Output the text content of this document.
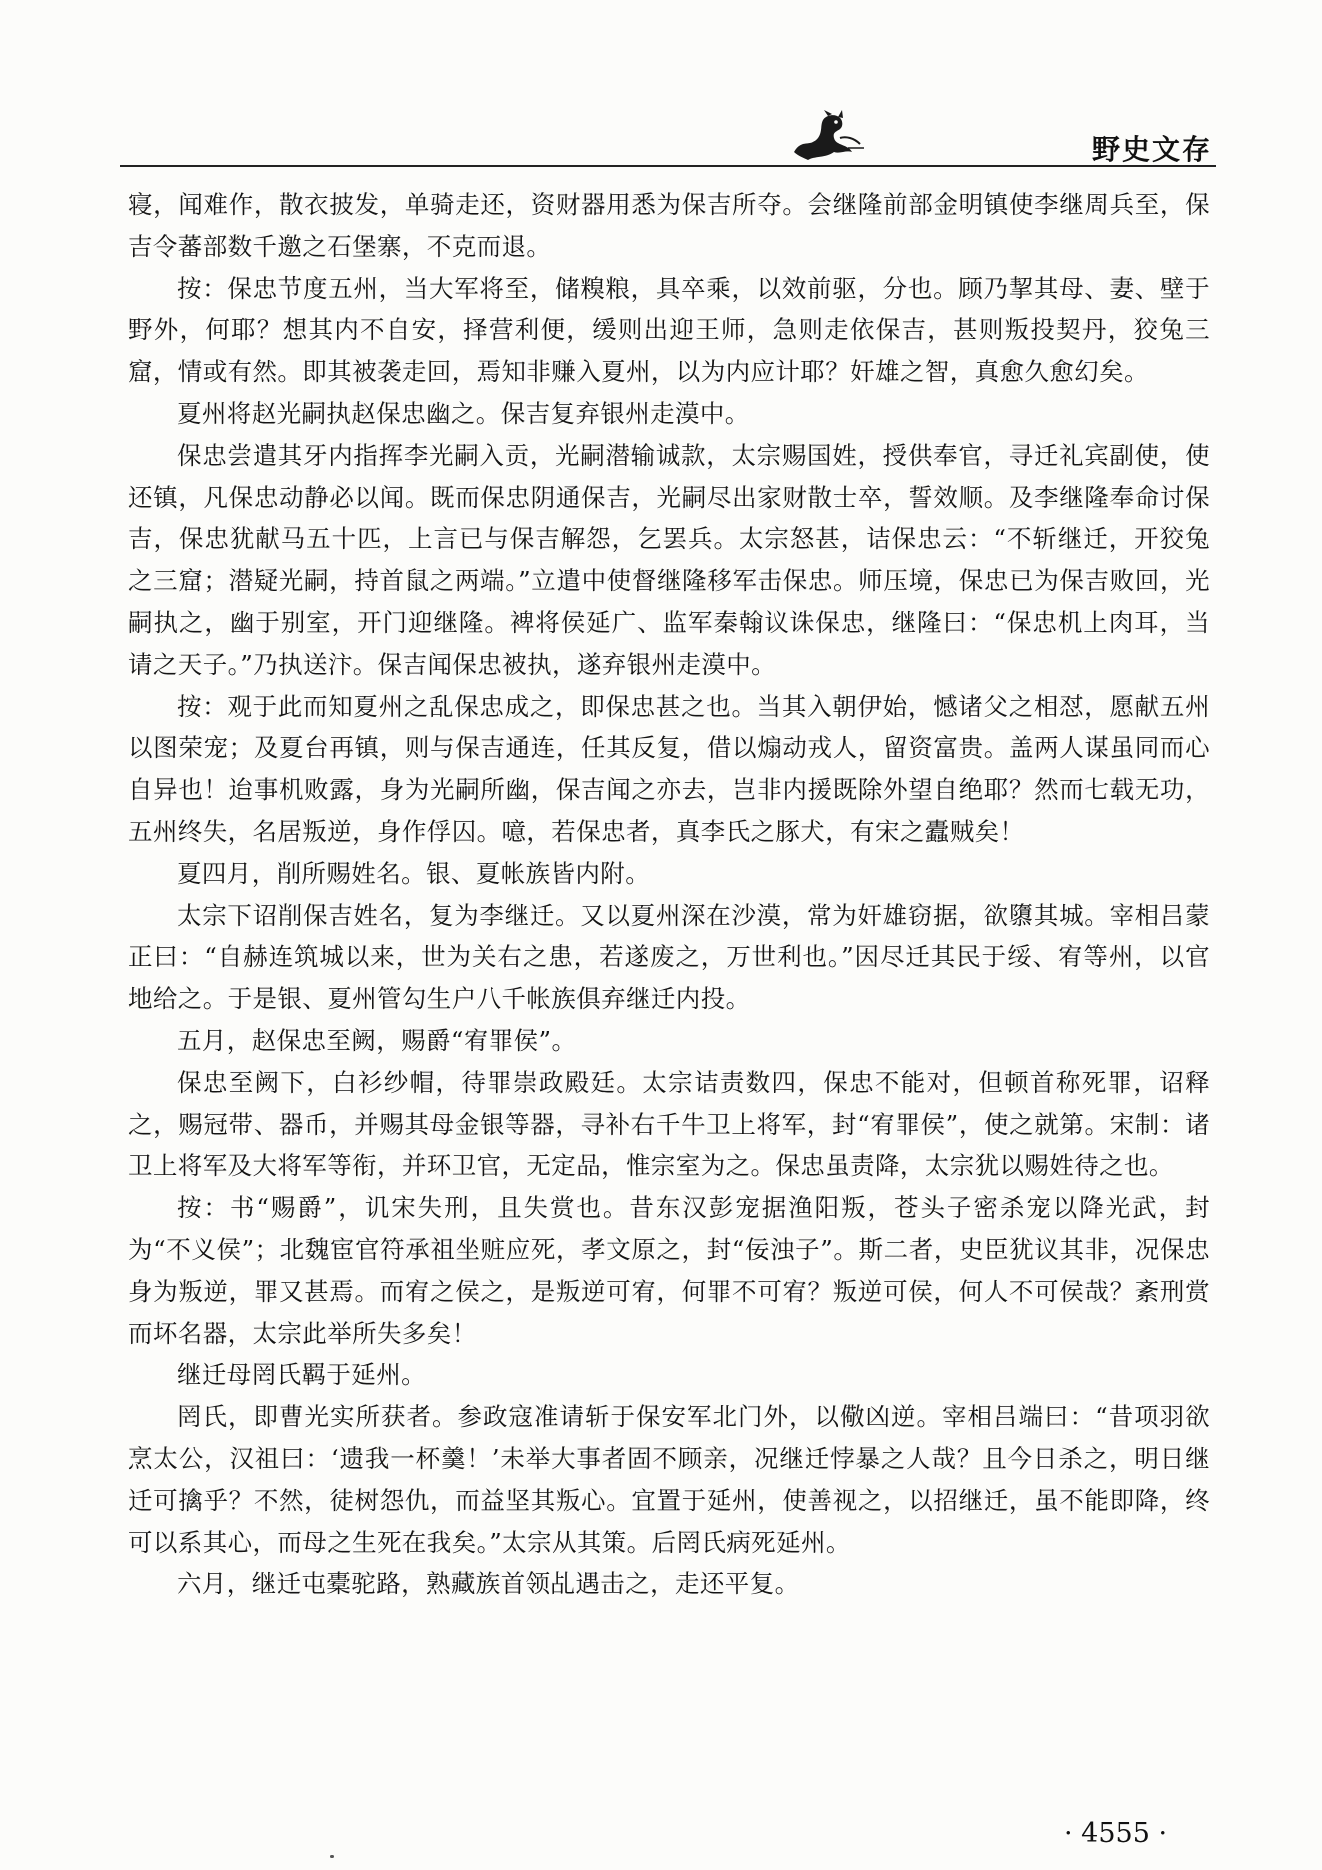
野史文存

寝，闻难作，散衣披发，单骑走还，资财器用悉为保吉所夺。会继隆前部金明镇使李继周兵至，保吉令蕃部数千邀之石堡寨，不克而退。

按：保忠节度五州，当大军将至，储糗粮，具卒乘，以效前驱，分也。顾乃挈其母、妻、壁于野外，何耶？想其内不自安，择营利便，缓则出迎王师，急则走依保吉，甚则叛投契丹，狡兔三窟，情或有然。即其被袭走回，焉知非赚入夏州，以为内应计耶？奸雄之智，真愈久愈幻矣。

夏州将赵光嗣执赵保忠幽之。保吉复弃银州走漠中。

保忠尝遣其牙内指挥李光嗣入贡，光嗣潜输诚款，太宗赐国姓，授供奉官，寻迁礼宾副使，使还镇，凡保忠动静必以闻。既而保忠阴通保吉，光嗣尽出家财散士卒，誓效顺。及李继隆奉命讨保吉，保忠犹献马五十匹，上言已与保吉解怨，乞罢兵。太宗怒甚，诘保忠云：“不斩继迁，开狡兔之三窟；潜疑光嗣，持首鼠之两端。”立遣中使督继隆移军击保忠。师压境，保忠已为保吉败回，光嗣执之，幽于别室，开门迎继隆。裨将侯延广、监军秦翰议诛保忠，继隆曰：“保忠机上肉耳，当请之天子。”乃执送汴。保吉闻保忠被执，遂弃银州走漠中。

按：观于此而知夏州之乱保忠成之，即保忠甚之也。当其入朝伊始，憾诸父之相怼，愿献五州以图荣宠；及夏台再镇，则与保吉通连，任其反复，借以煽动戎人，留资富贵。盖两人谋虽同而心自异也！迨事机败露，身为光嗣所幽，保吉闻之亦去，岂非内援既除外望自绝耶？然而七载无功，五州终失，名居叛逆，身作俘囚。噫，若保忠者，真李氏之豚犬，有宋之蠹贼矣！

夏四月，削所赐姓名。银、夏帐族皆内附。

太宗下诏削保吉姓名，复为李继迁。又以夏州深在沙漠，常为奸雄窃据，欲隳其城。宰相吕蒙正曰：“自赫连筑城以来，世为关右之患，若遂废之，万世利也。”因尽迁其民于绥、宥等州，以官地给之。于是银、夏州管勾生户八千帐族俱弃继迁内投。

五月，赵保忠至阙，赐爵“宥罪侯”。

保忠至阙下，白衫纱帽，待罪崇政殿廷。太宗诘责数四，保忠不能对，但顿首称死罪，诏释之，赐冠带、器币，并赐其母金银等器，寻补右千牛卫上将军，封“宥罪侯”，使之就第。宋制：诸卫上将军及大将军等衔，并环卫官，无定品，惟宗室为之。保忠虽责降，太宗犹以赐姓待之也。

按：书“赐爵”，讥宋失刑，且失赏也。昔东汉彭宠据渔阳叛，苍头子密杀宠以降光武，封为“不义侯”；北魏宦官符承祖坐赃应死，孝文原之，封“佞浊子”。斯二者，史臣犹议其非，况保忠身为叛逆，罪又甚焉。而宥之侯之，是叛逆可宥，何罪不可宥？叛逆可侯，何人不可侯哉？紊刑赏而坏名器，太宗此举所失多矣！

继迁母罔氏羁于延州。

罔氏，即曹光实所获者。参政寇准请斩于保安军北门外，以儆凶逆。宰相吕端曰：“昔项羽欲烹太公，汉祖曰：‘遗我一杯羹！’未举大事者固不顾亲，况继迁悖暴之人哉？且今日杀之，明日继迁可擒乎？不然，徒树怨仇，而益坚其叛心。宜置于延州，使善视之，以招继迁，虽不能即降，终可以系其心，而母之生死在我矣。”太宗从其策。后罔氏病死延州。

六月，继迁屯橐驼路，熟藏族首领乩遇击之，走还平复。

· 4555 ·
